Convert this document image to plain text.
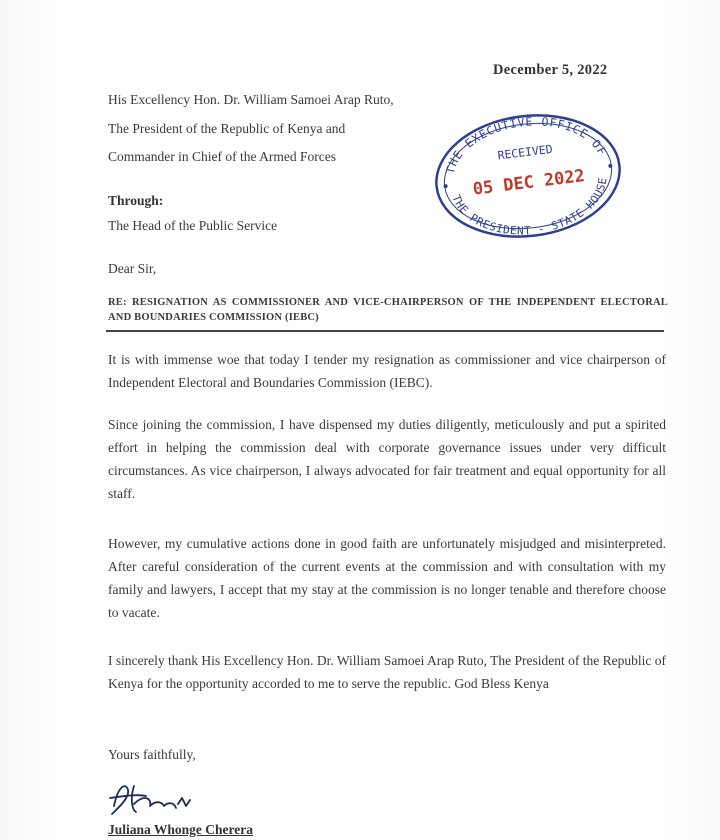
December 5, 2022
His Excellency Hon. Dr. William Samoei Arap Ruto,
The President of the Republic of Kenya and
Commander in Chief of the Armed Forces
Through:
The Head of the Public Service
Dear Sir,
RE: RESIGNATION AS COMMISSIONER AND VICE-CHAIRPERSON OF THE INDEPENDENT ELECTORAL AND BOUNDARIES COMMISSION (IEBC)
It is with immense woe that today I tender my resignation as commissioner and vice chairperson of Independent Electoral and Boundaries Commission (IEBC).
Since joining the commission, I have dispensed my duties diligently, meticulously and put a spirited effort in helping the commission deal with corporate governance issues under very difficult circumstances. As vice chairperson, I always advocated for fair treatment and equal opportunity for all staff.
However, my cumulative actions done in good faith are unfortunately misjudged and misinterpreted. After careful consideration of the current events at the commission and with consultation with my family and lawyers, I accept that my stay at the commission is no longer tenable and therefore choose to vacate.
I sincerely thank His Excellency Hon. Dr. William Samoei Arap Ruto, The President of the Republic of Kenya for the opportunity accorded to me to serve the republic. God Bless Kenya
Yours faithfully,
Juliana Whonge Cherera
THE EXECUTIVE OFFICE OF
THE PRESIDENT - STATE HOUSE
RECEIVED
05 DEC 2022
